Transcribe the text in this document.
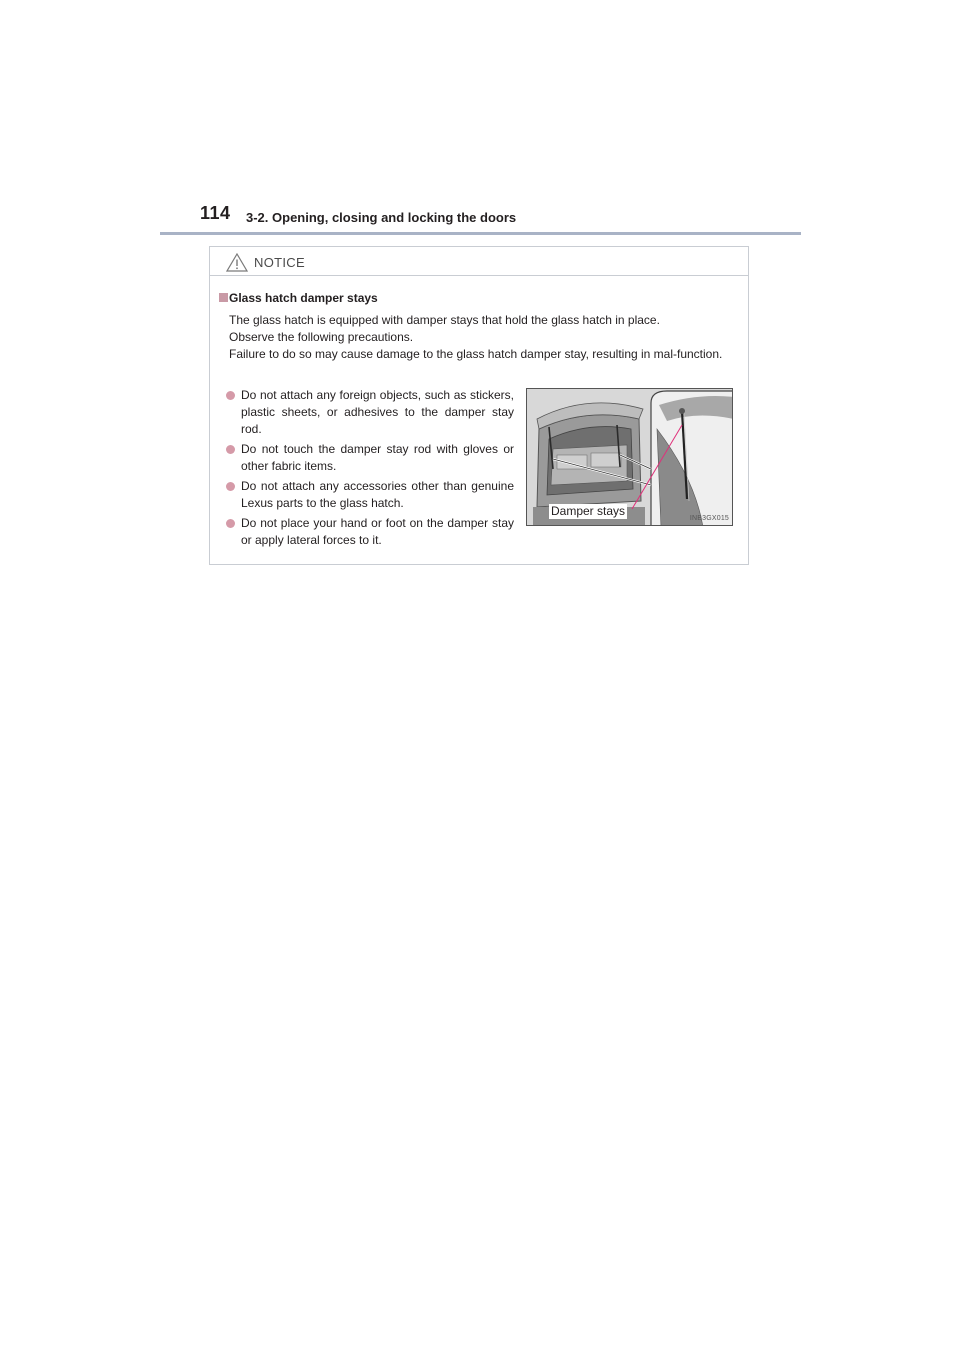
114 3-2. Opening, closing and locking the doors
NOTICE
Glass hatch damper stays
The glass hatch is equipped with damper stays that hold the glass hatch in place.
Observe the following precautions.
Failure to do so may cause damage to the glass hatch damper stay, resulting in mal-function.
Do not attach any foreign objects, such as stickers, plastic sheets, or adhesives to the damper stay rod.
Do not touch the damper stay rod with gloves or other fabric items.
Do not attach any accessories other than genuine Lexus parts to the glass hatch.
Do not place your hand or foot on the damper stay or apply lateral forces to it.
Damper stays
INB3GX015
